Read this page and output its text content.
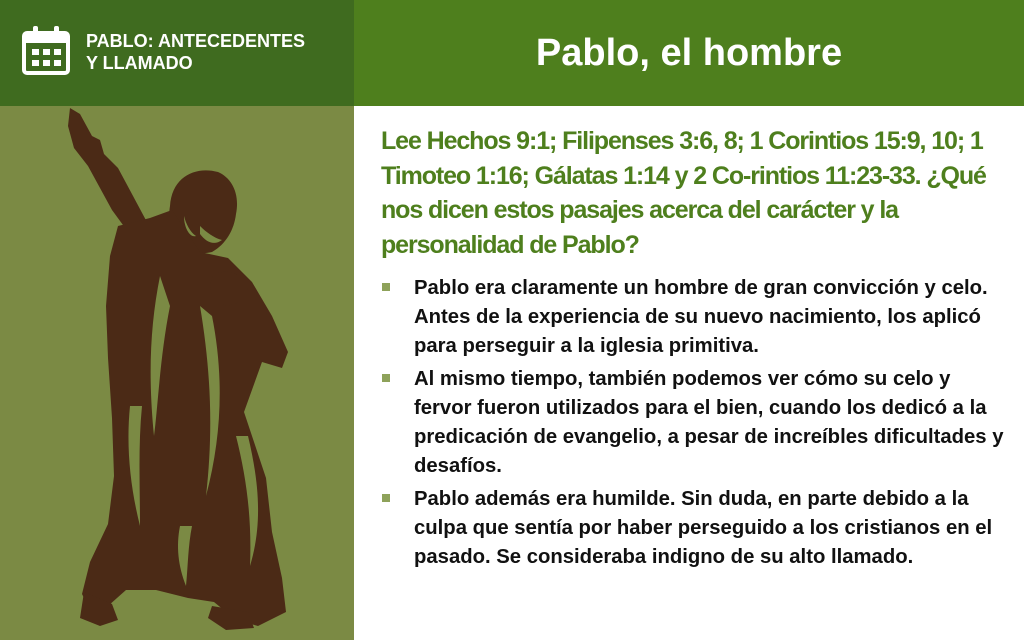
PABLO: ANTECEDENTES
Y LLAMADO	Pablo, el hombre
Lee Hechos 9:1; Filipenses 3:6, 8; 1 Corintios 15:9, 10; 1 Timoteo 1:16; Gálatas 1:14 y 2 Co-rintios 11:23-33. ¿Qué nos dicen estos pasajes acerca del carácter y la personalidad de Pablo?
Pablo era claramente un hombre de gran convicción y celo. Antes de la experiencia de su nuevo nacimiento, los aplicó para perseguir a la iglesia primitiva.
Al mismo tiempo, también podemos ver cómo su celo y fervor fueron utilizados para el bien, cuando los dedicó a la predicación de evangelio, a pesar de increíbles dificultades y desafíos.
Pablo además era humilde. Sin duda, en parte debido a la culpa que sentía por haber perseguido a los cristianos en el pasado. Se consideraba indigno de su alto llamado.
